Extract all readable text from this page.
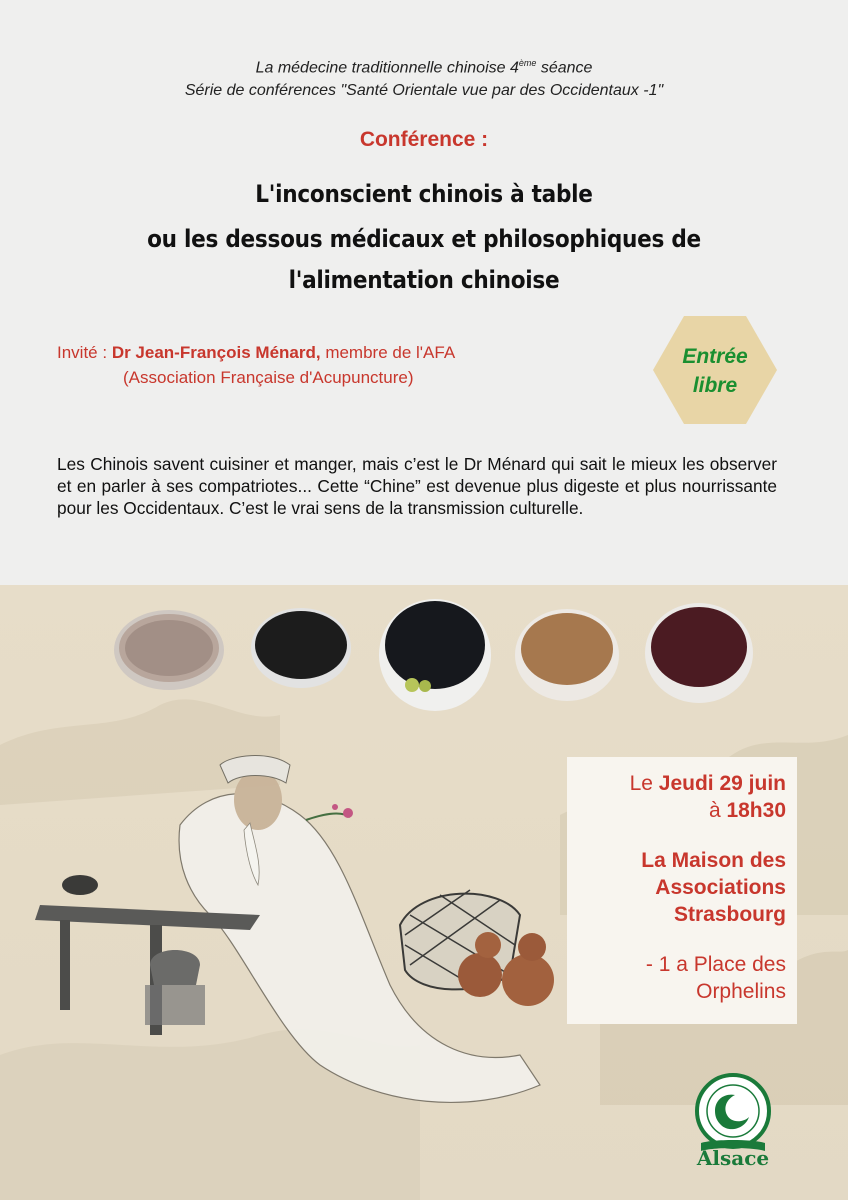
La médecine traditionnelle chinoise 4ème séance
Série de conférences "Santé Orientale vue par des Occidentaux -1"
Conférence :
L'inconscient chinois à table
ou les dessous médicaux et philosophiques de
l'alimentation chinoise
Invité : Dr Jean-François Ménard, membre de l'AFA
(Association Française d'Acupuncture)
Entrée
libre
Les Chinois savent cuisiner et manger, mais c’est le Dr Ménard qui sait le mieux les observer et en parler à ses compatriotes... Cette “Chine” est devenue plus digeste et plus nourrissante pour les Occidentaux. C’est le vrai sens de la transmission culturelle.
Le Jeudi 29 juin
à 18h30
La Maison des
Associations
Strasbourg
- 1 a Place des
Orphelins
Alsace
